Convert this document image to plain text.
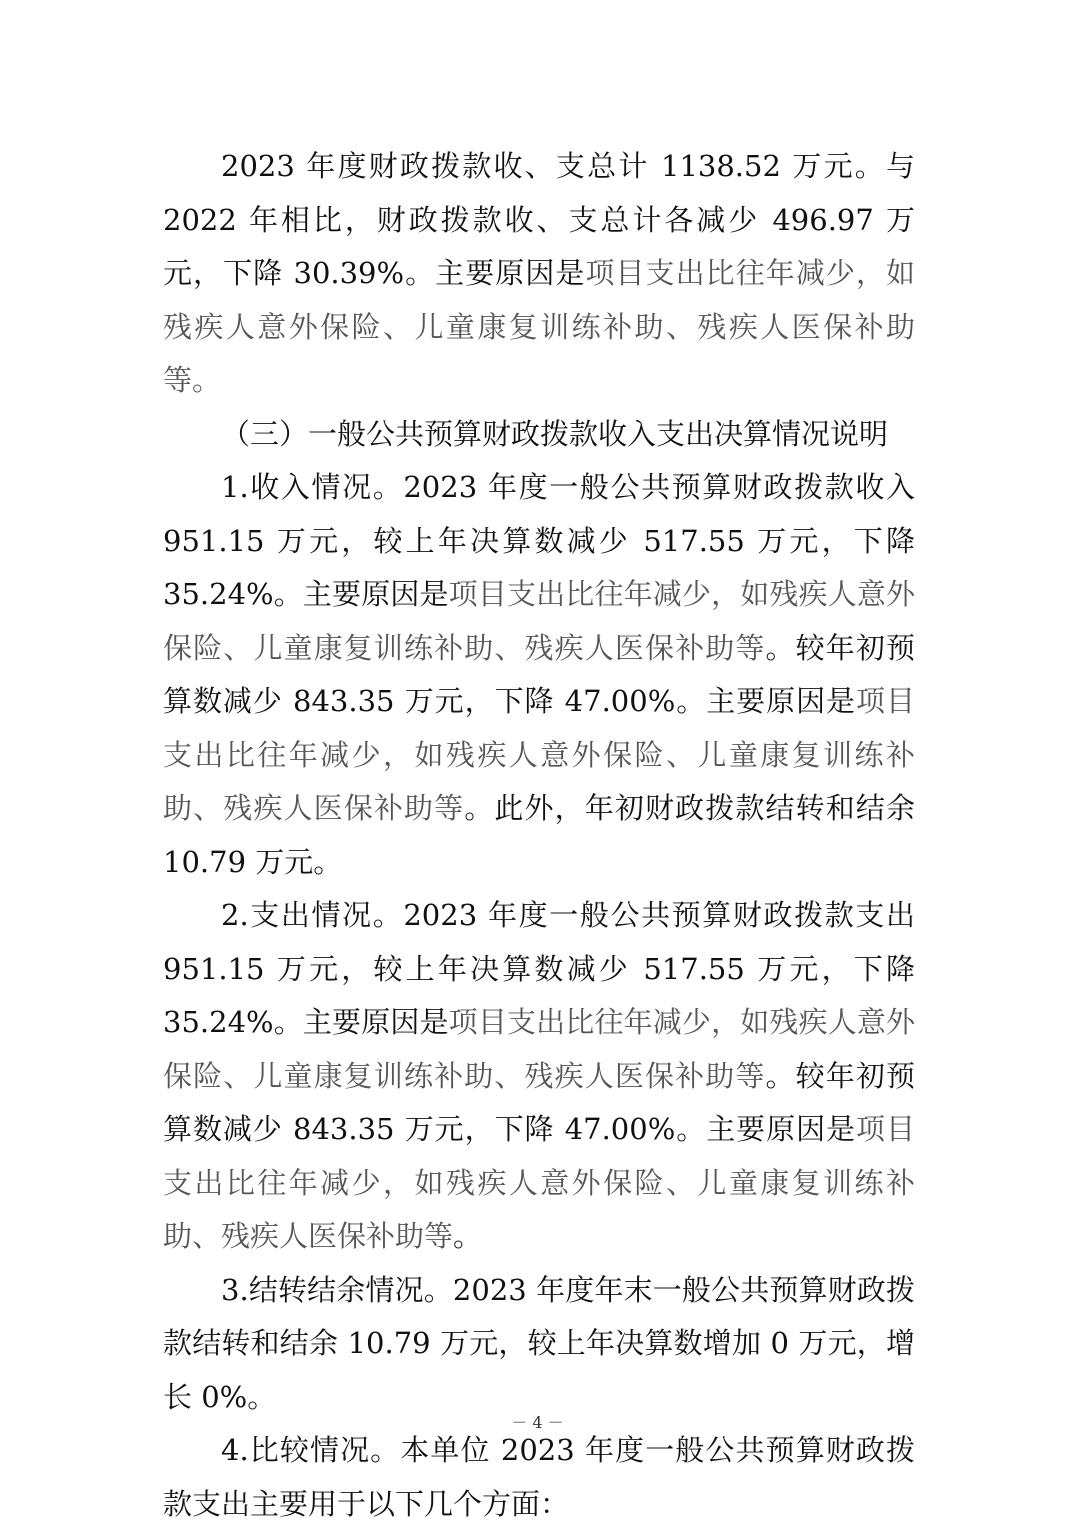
2023 年度财政拨款收、支总计 1138.52 万元。与 2022 年相比，财政拨款收、支总计各减少 496.97 万元，下降 30.39%。主要原因是项目支出比往年减少，如残疾人意外保险、儿童康复训练补助、残疾人医保补助等。

（三）一般公共预算财政拨款收入支出决算情况说明

1.收入情况。2023 年度一般公共预算财政拨款收入 951.15 万元，较上年决算数减少 517.55 万元，下降 35.24%。主要原因是项目支出比往年减少，如残疾人意外保险、儿童康复训练补助、残疾人医保补助等。较年初预算数减少 843.35 万元，下降 47.00%。主要原因是项目支出比往年减少，如残疾人意外保险、儿童康复训练补助、残疾人医保补助等。此外，年初财政拨款结转和结余 10.79 万元。

2.支出情况。2023 年度一般公共预算财政拨款支出 951.15 万元，较上年决算数减少 517.55 万元，下降 35.24%。主要原因是项目支出比往年减少，如残疾人意外保险、儿童康复训练补助、残疾人医保补助等。较年初预算数减少 843.35 万元，下降 47.00%。主要原因是项目支出比往年减少，如残疾人意外保险、儿童康复训练补助、残疾人医保补助等。

3.结转结余情况。2023 年度年末一般公共预算财政拨款结转和结余 10.79 万元，较上年决算数增加 0 万元，增长 0%。

4.比较情况。本单位 2023 年度一般公共预算财政拨款支出主要用于以下几个方面：

－ 4 －
